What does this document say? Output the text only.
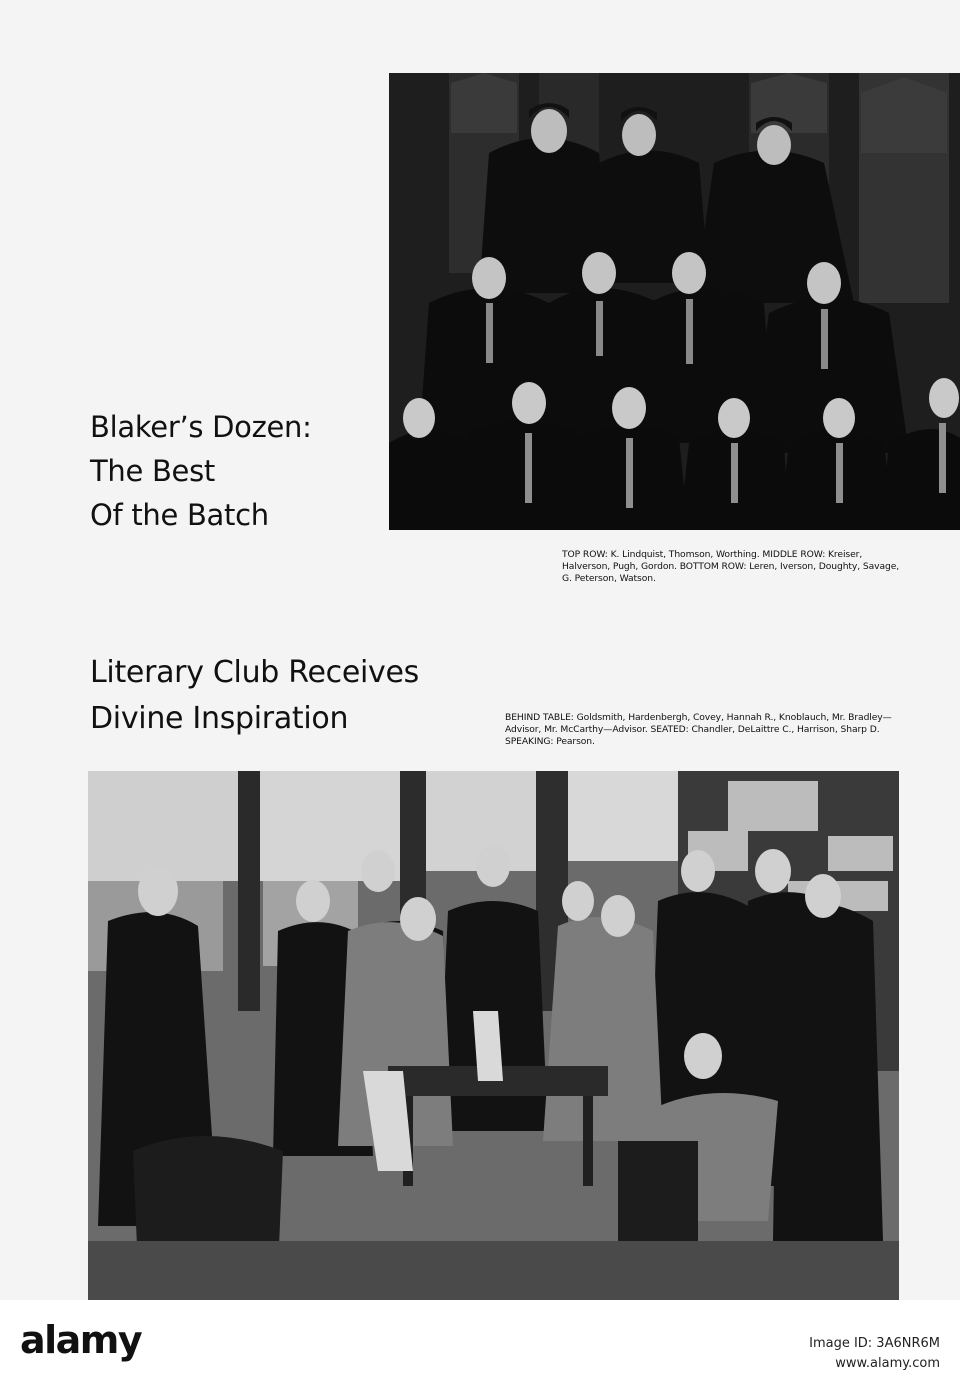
Blaker’s Dozen:
The Best
Of the Batch

TOP ROW: K. Lindquist, Thomson, Worthing. MIDDLE ROW: Kreiser, Halverson, Pugh, Gordon. BOTTOM ROW: Leren, Iverson, Doughty, Savage, G. Peterson, Watson.

Literary Club Receives
Divine Inspiration	BEHIND TABLE: Goldsmith, Hardenbergh, Covey, Hannah R., Knoblauch, Mr. Bradley—Advisor, Mr. McCarthy—Advisor. SEATED: Chandler, DeLaittre C., Harrison, Sharp D. SPEAKING: Pearson.

alamy	Image ID: 3A6NR6M
www.alamy.com
